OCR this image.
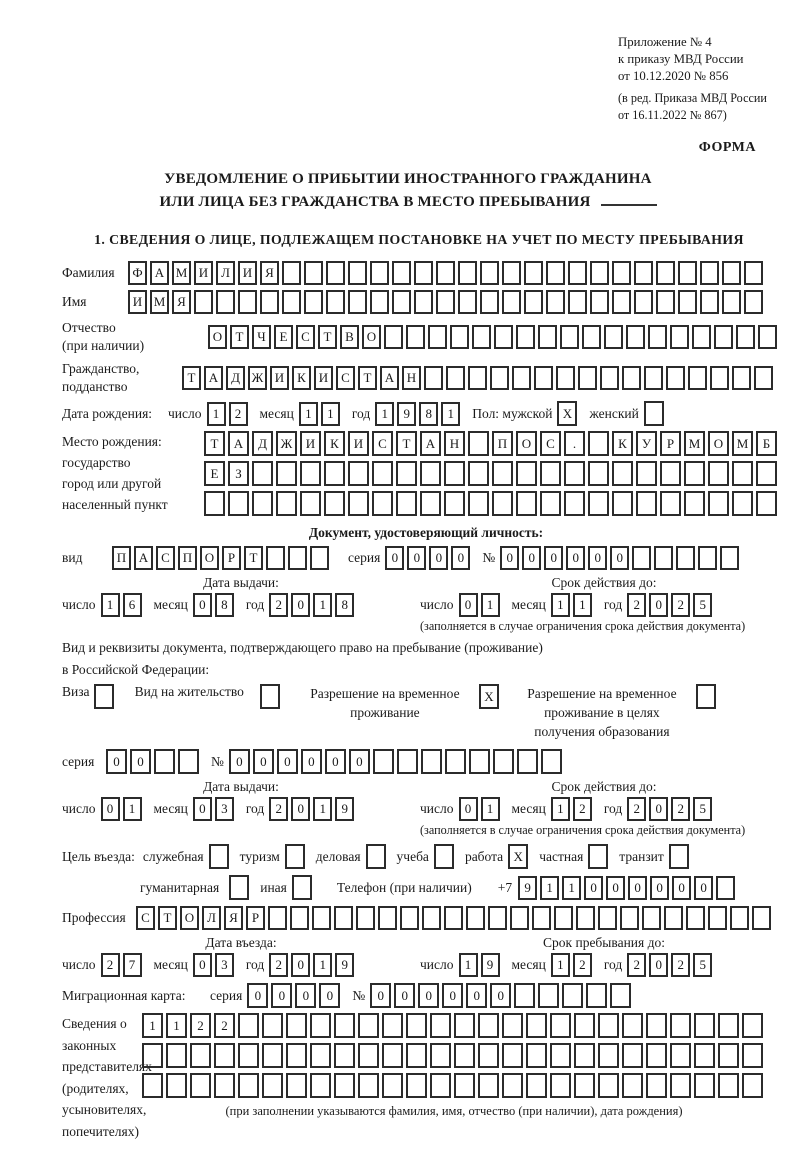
Приложение № 4
к приказу МВД России
от 10.12.2020 № 856
(в ред. Приказа МВД России
от 16.11.2022 № 867)
ФОРМА
УВЕДОМЛЕНИЕ О ПРИБЫТИИ ИНОСТРАННОГО ГРАЖДАНИНА
ИЛИ ЛИЦА БЕЗ ГРАЖДАНСТВА В МЕСТО ПРЕБЫВАНИЯ
1. СВЕДЕНИЯ О ЛИЦЕ, ПОДЛЕЖАЩЕМ ПОСТАНОВКЕ НА УЧЕТ ПО МЕСТУ ПРЕБЫВАНИЯ
Фамилия	Ф А М И Л И Я
Имя	И М Я
Отчество
(при наличии)
О	Т	Ч	Е	С	Т	В О
Гражданство,
подданство
Т	А Д Ж И К И С	Т	А Н
Дата рождения:	число 1	2	месяц 1	1	год 1	9	8	1	Пол: мужской X	женский
Место рождения:
государство
город или другой
населенный пункт
Т	А	Д	Ж	И	К	И	С	Т	А	Н	П	О	С	.	К	У	Р	М	О	М	Б
Е	З
Документ, удостоверяющий личность:
вид	П А С П О	Р	Т	серия 0	0	0	0	№ 0	0	0	0	0	0
Дата выдачи:
число 1	6	месяц 0	8	год 2	0	1	8
Срок действия до:
число 0	1	месяц 1	1	год 2	0	2	5
(заполняется в случае ограничения срока действия документа)
Вид и реквизиты документа, подтверждающего право на пребывание (проживание)
в Российской Федерации:
Виза	Вид на жительство	Разрешение на временное проживание
X	Разрешение на временное проживание в целях получения образования
серия	0	0	№ 0	0	0	0	0	0
Дата выдачи:
число 0	1	месяц 0	3	год 2	0	1	9
Срок действия до:
число 0	1	месяц 1	2	год 2	0	2	5
(заполняется в случае ограничения срока действия документа)
Цель въезда: служебная	туризм	деловая	учеба	работа X	частная	транзит
гуманитарная	иная	Телефон (при наличии) +7 9	1	1	0	0	0	0	0	0
Профессия	С	Т	О Л	Я	Р
Дата въезда:
число 2	7	месяц 0	3	год 2	0	1	9
Срок пребывания до:
число 1	9	месяц 1	2	год 2	0	2	5
Миграционная карта:	серия 0	0	0	0	№ 0	0	0	0	0	0
Сведения о
законных
представителях
(родителях,
усыновителях,
попечителях)
1	1	2	2
(при заполнении указываются фамилия, имя, отчество (при наличии), дата рождения)
